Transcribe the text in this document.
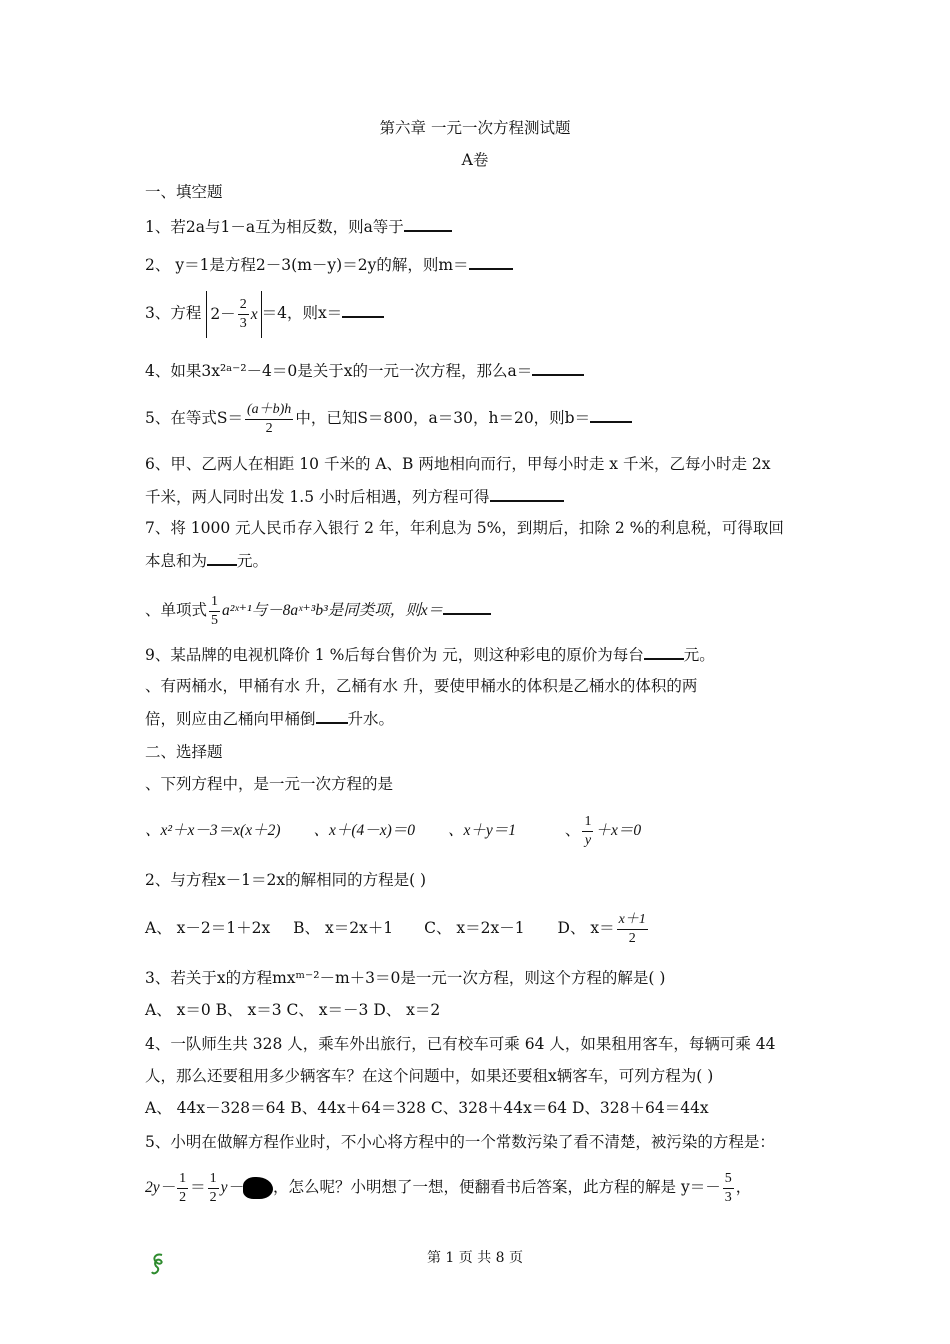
第六章 一元一次方程测试题
A卷
一、填空题
1、若2a与1－a互为相反数，则a等于
2、 y＝1是方程2－3(m－y)＝2y的解，则m＝
3、方程 $2- \frac{2}{3}$ x ＝4，则x＝
4、如果3x²ᵃ⁻²－4＝0是关于x的一元一次方程，那么a＝
5、在等式$S= \frac{(a+b)h}{2}$ 中，已知S＝800，a＝30，h＝20，则b＝
6、甲、乙两人在相距 10 千米的 A、B 两地相向而行，甲每小时走 x 千米，乙每小时走 2x
千米，两人同时出发 1.5 小时后相遇，列方程可得
7、将 1000 元人民币存入银行 2 年，年利息为 5%，到期后，扣除 2 %的利息税，可得取回
本息和为 元。
、单项式 $\frac{1}{5}$ a²ˣ⁺¹与－8aˣ⁺³b³是同类项，则x＝
9、某品牌的电视机降价 1 %后每台售价为 元，则这种彩电的原价为每台	元。
、有两桶水，甲桶有水 升，乙桶有水 升，要使甲桶水的体积是乙桶水的体积的两
倍，则应由乙桶向甲桶倒 升水。
二、选择题
、下列方程中，是一元一次方程的是
、x²＋x－3＝x(x＋2) 、x＋(4－x)＝0 、x＋y＝1	、 $\frac{1}{y} +x=0$
2、与方程x－1＝2x的解相同的方程是( )
A、 x－2＝1＋2x B、 x＝2x＋1 C、 x＝2x－1 D、 $x= \frac{x+1}{2}$
3、若关于x的方程mxᵐ⁻²－m＋3＝0是一元一次方程，则这个方程的解是( )
A、 x＝0 B、 x＝3 C、 x＝－3 D、 x＝2
4、一队师生共 328 人，乘车外出旅行，已有校车可乘 64 人，如果租用客车，每辆可乘 44
人，那么还要租用多少辆客车？在这个问题中，如果还要租x辆客车，可列方程为( )
A、 44x－328＝64 B、44x＋64＝328 C、328＋44x＝64 D、328＋64＝44x
5、小明在做解方程作业时，不小心将方程中的一个常数污染了看不清楚，被污染的方程是：
$2y- \frac{1}{2} = \frac{1}{2} y-$ ，怎么呢？小明想了一想，便翻看书后答案，此方程的解是 $y=- \frac{5}{3}$ ，
第 1 页 共 8 页
